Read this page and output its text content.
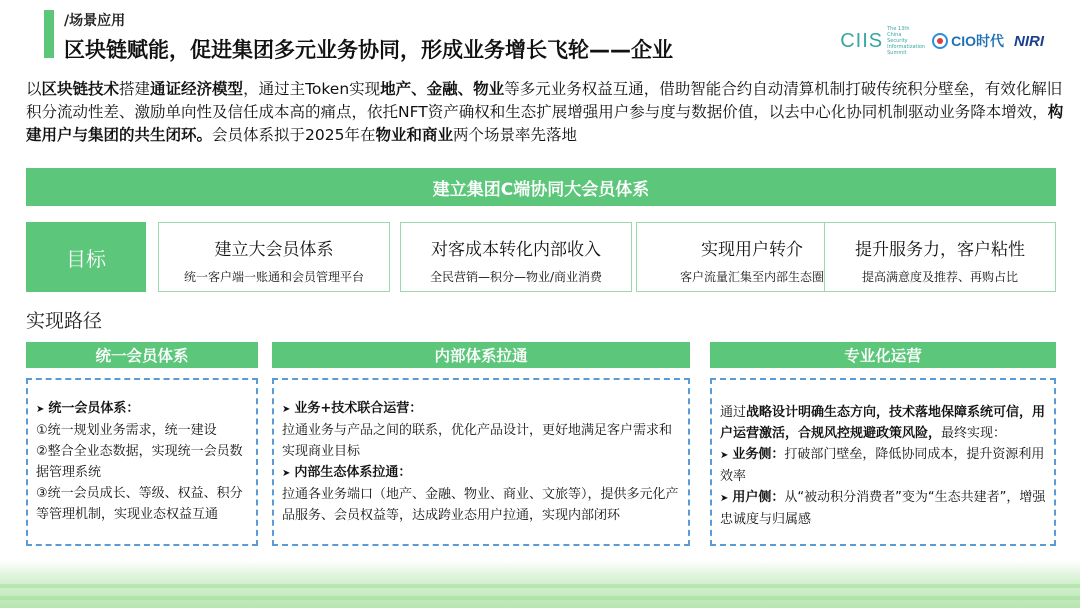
/场景应用
区块链赋能，促进集团多元业务协同，形成业务增长飞轮——企业	CIIS
The 13th China Security Informatization Summit
CIO时代 NIRI
以区块链技术搭建通证经济模型，通过主Token实现地产、金融、物业等多元业务权益互通，借助智能合约自动清算机制打破传统积分壁垒，有效化解旧积分流动性差、激励单向性及信任成本高的痛点，依托NFT资产确权和生态扩展增强用户参与度与数据价值，以去中心化协同机制驱动业务降本增效，构建用户与集团的共生闭环。会员体系拟于2025年在物业和商业两个场景率先落地
建立集团C端协同大会员体系
目标	建立大会员体系
统一客户端一账通和会员管理平台
对客成本转化内部收入
全民营销—积分—物业/商业消费
实现用户转介
客户流量汇集至内部生态圈
提升服务力，客户粘性
提高满意度及推荐、再购占比
实现路径
统一会员体系	内部体系拉通	专业化运营
➤ 统一会员体系：
①统一规划业务需求，统一建设
②整合全业态数据，实现统一会员数据管理系统
③统一会员成长、等级、权益、积分等管理机制，实现业态权益互通
➤ 业务+技术联合运营：
拉通业务与产品之间的联系，优化产品设计，更好地满足客户需求和实现商业目标
➤ 内部生态体系拉通：
拉通各业务端口（地产、金融、物业、商业、文旅等），提供多元化产品服务、会员权益等，达成跨业态用户拉通，实现内部闭环
通过战略设计明确生态方向，技术落地保障系统可信，用户运营激活，合规风控规避政策风险，最终实现：
➤ 业务侧：打破部门壁垒，降低协同成本，提升资源利用效率
➤ 用户侧：从“被动积分消费者”变为“生态共建者”，增强忠诚度与归属感
